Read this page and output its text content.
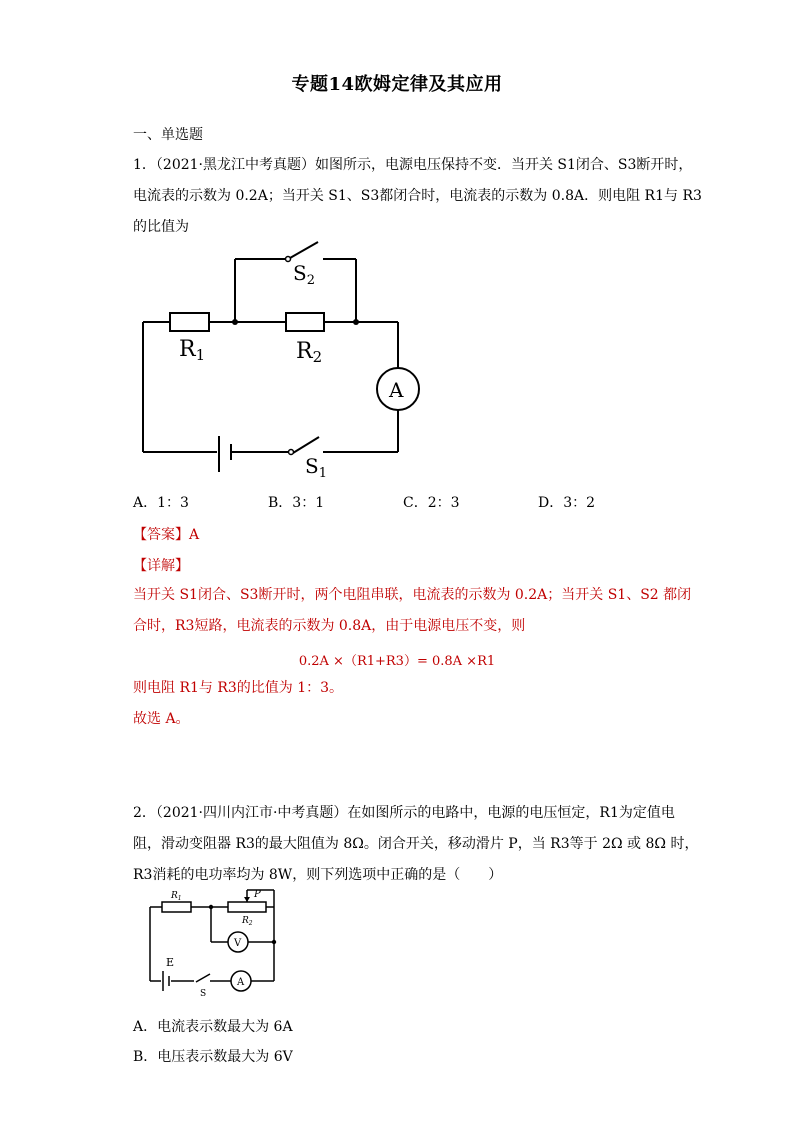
专题14欧姆定律及其应用
一、单选题
1．（2021·黑龙江中考真题）如图所示，电源电压保持不变．当开关 S1闭合、S3断开时，
电流表的示数为 0.2A；当开关 S1、S3都闭合时，电流表的示数为 0.8A．则电阻 R1与 R3
的比值为
$S_2$
R1	R2
A
$S_1$
A．1：3	B．3：1	C．2：3	D．3：2
【答案】A
【详解】
当开关 S1闭合、S3断开时，两个电阻串联，电流表的示数为 0.2A；当开关 S1、S2 都闭
合时，R3短路，电流表的示数为 0.8A，由于电源电压不变，则
0.2A ×（R1+R3）= 0.8A ×R1
则电阻 R1与 R3的比值为 1：3。
故选 A。
2．（2021·四川内江市·中考真题）在如图所示的电路中，电源的电压恒定，R1为定值电
阻，滑动变阻器 R3的最大阻值为 8Ω。闭合开关，移动滑片 P，当 R3等于 2Ω 或 8Ω 时，
R3消耗的电功率均为 8W，则下列选项中正确的是（　　）
$R_1$	P
$R_2$
V
E
S
A
A．电流表示数最大为 6A
B．电压表示数最大为 6V
